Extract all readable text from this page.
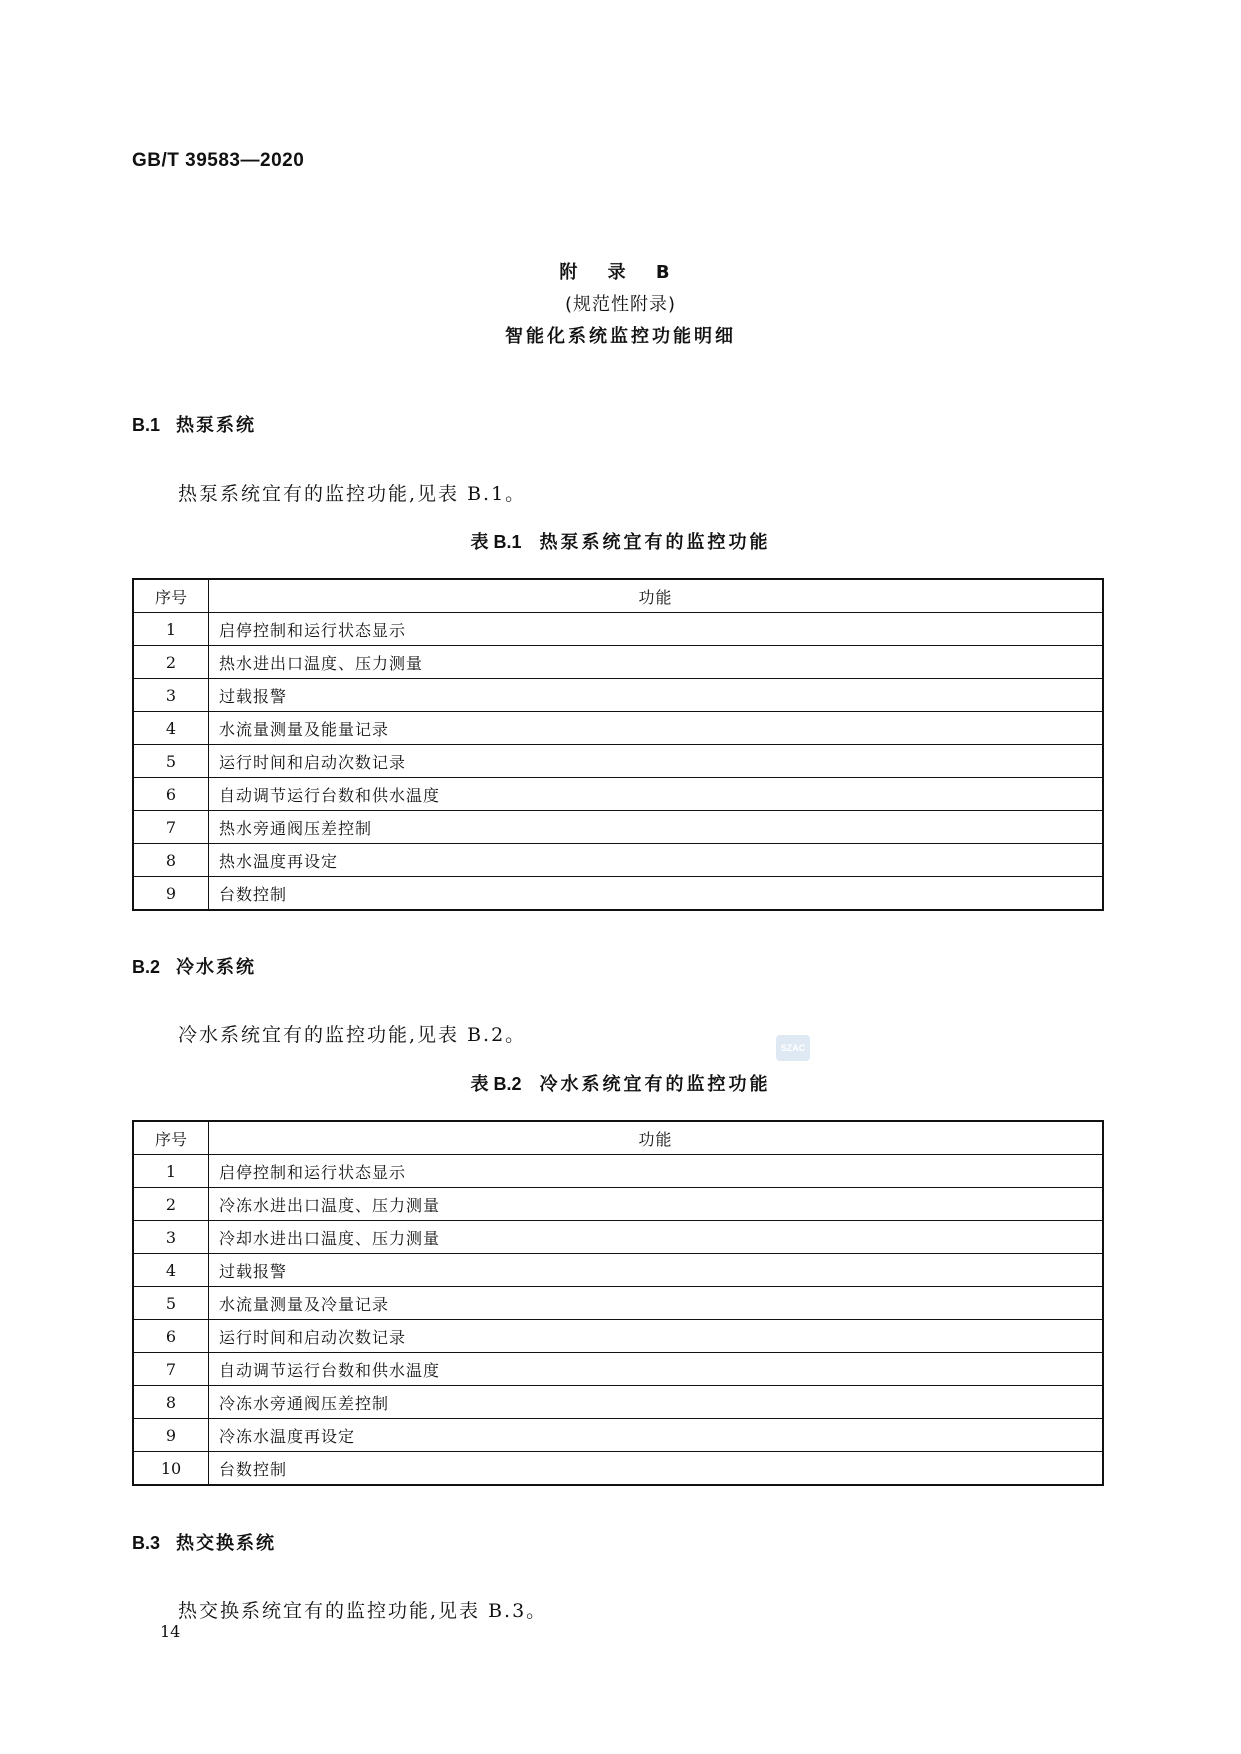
GB/T 39583—2020
附 录 B
(规范性附录)
智能化系统监控功能明细
B.1 热泵系统
热泵系统宜有的监控功能,见表 B.1。
表 B.1 热泵系统宜有的监控功能
序号	功能
1	启停控制和运行状态显示
2	热水进出口温度、压力测量
3	过载报警
4	水流量测量及能量记录
5	运行时间和启动次数记录
6	自动调节运行台数和供水温度
7	热水旁通阀压差控制
8	热水温度再设定
9	台数控制
B.2 冷水系统
冷水系统宜有的监控功能,见表 B.2。
SZAC
表 B.2 冷水系统宜有的监控功能
序号	功能
1	启停控制和运行状态显示
2	冷冻水进出口温度、压力测量
3	冷却水进出口温度、压力测量
4	过载报警
5	水流量测量及冷量记录
6	运行时间和启动次数记录
7	自动调节运行台数和供水温度
8	冷冻水旁通阀压差控制
9	冷冻水温度再设定
10	台数控制
B.3 热交换系统
热交换系统宜有的监控功能,见表 B.3。
14
